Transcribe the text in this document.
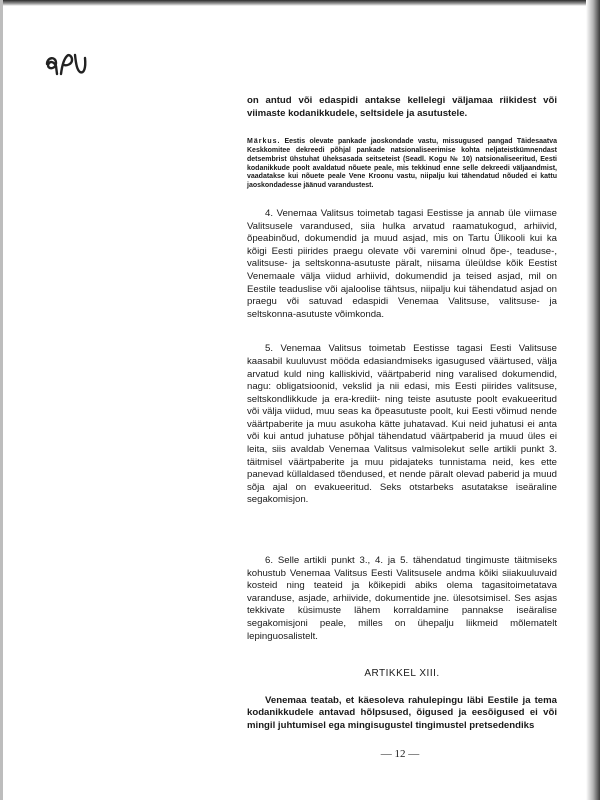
on antud või edaspidi antakse kellelegi väljamaa riikidest või viimaste kodanikkudele, seltsidele ja asutustele.

Märkus. Eestis olevate pankade jaoskondade vastu, missugused pangad Täidesaatva Keskkomitee dekreedi põhjal pankade natsionaliseerimise kohta neljateistkümnendast detsembrist ühstuhat üheksasada seitseteist (Seadl. Kogu № 10) natsionaliseeritud, Eesti kodanikkude poolt avaldatud nõuete peale, mis tekkinud enne selle dekreedi väljaandmist, vaadatakse kui nõuete peale Vene Kroonu vastu, niipalju kui tähendatud nõuded ei kattu jaoskondadesse jäänud varandustest.

4. Venemaa Valitsus toimetab tagasi Eestisse ja annab üle viimase Valitsusele varandused, siia hulka arvatud raamatukogud, arhiivid, õpeabinõud, dokumendid ja muud asjad, mis on Tartu Ülikooli kui ka kõigi Eesti piirides praegu olevate või varemini olnud õpe-, teaduse-, valitsuse- ja seltskonna-asutuste päralt, niisama üleüldse kõik Eestist Venemaale välja viidud arhiivid, dokumendid ja teised asjad, mil on Eestile teaduslise või ajaloolise tähtsus, niipalju kui tähendatud asjad on praegu või satuvad edaspidi Venemaa Valitsuse, valitsuse- ja seltskonna-asutuste võimkonda.

5. Venemaa Valitsus toimetab Eestisse tagasi Eesti Valitsuse kaasabil kuuluvust mööda edasiandmiseks igasugused väärtused, välja arvatud kuld ning kalliskivid, väärtpaberid ning varalised dokumendid, nagu: obligatsioonid, vekslid ja nii edasi, mis Eesti piirides valitsuse, seltskondlikkude ja era-krediit- ning teiste asutuste poolt evakueeritud või välja viidud, muu seas ka õpeasutuste poolt, kui Eesti võimud nende väärtpaberite ja muu asukoha kätte juhatavad. Kui neid juhatusi ei anta või kui antud juhatuse põhjal tähendatud väärtpaberid ja muud üles ei leita, siis avaldab Venemaa Valitsus valmisolekut selle artikli punkt 3. täitmisel väärtpaberite ja muu pidajateks tunnistama neid, kes ette panevad küllaldased tõendused, et nende päralt olevad paberid ja muud sõja ajal on evakueeritud. Seks otstarbeks asutatakse iseäraline segakomisjon.

6. Selle artikli punkt 3., 4. ja 5. tähendatud tingimuste täitmiseks kohustub Venemaa Valitsus Eesti Valitsusele andma kõiki siiakuuluvaid kosteid ning teateid ja kõikepidi abiks olema tagasitoimetatava varanduse, asjade, arhiivide, dokumentide jne. ülesotsimisel. Ses asjas tekkivate küsimuste lähem korraldamine pannakse iseäralise segakomisjoni peale, milles on ühepalju liikmeid mõlematelt lepinguosalistelt.

ARTIKKEL XIII.

Venemaa teatab, et käesoleva rahulepingu läbi Eestile ja tema kodanikkudele antavad hõlpsused, õigused ja eesõigused ei või mingil juhtumisel ega mingisugustel tingimustel pretsedendiks

— 12 —
